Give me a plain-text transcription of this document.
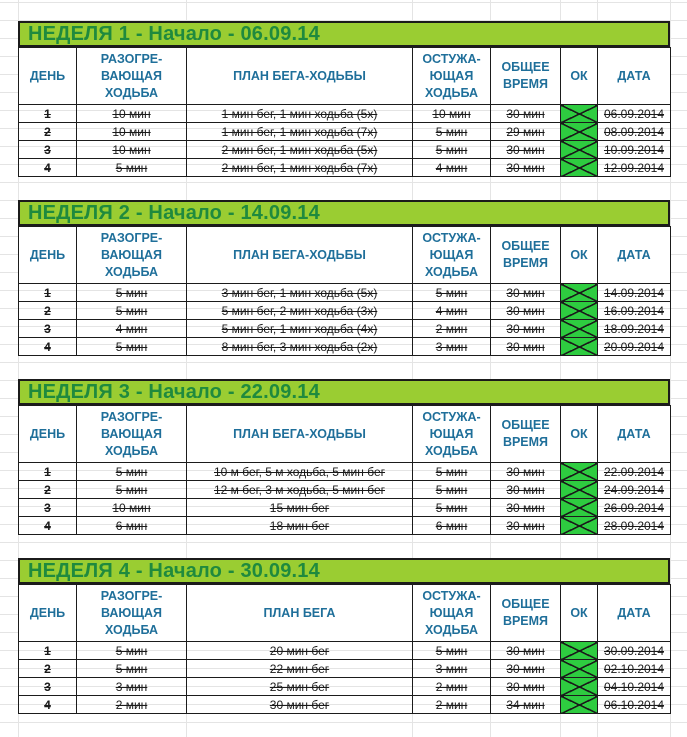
НЕДЕЛЯ 1 - Начало - 06.09.14
ДЕНЬ	РАЗОГРЕ-ВАЮЩАЯ ХОДЬБА	ПЛАН БЕГА-ХОДЬБЫ	ОСТУЖА-ЮЩАЯ ХОДЬБА	ОБЩЕЕ ВРЕМЯ	ОК	ДАТА
1	10 мин	1 мин бег, 1 мин ходьба (5х)	10 мин	30 мин		06.09.2014
2	10 мин	1 мин бег, 1 мин ходьба (7х)	5 мин	29 мин		08.09.2014
3	10 мин	2 мин бег, 1 мин ходьба (5х)	5 мин	30 мин		10.09.2014
4	5 мин	2 мин бег, 1 мин ходьба (7х)	4 мин	30 мин		12.09.2014
НЕДЕЛЯ 2 - Начало - 14.09.14
ДЕНЬ	РАЗОГРЕ-ВАЮЩАЯ ХОДЬБА	ПЛАН БЕГА-ХОДЬБЫ	ОСТУЖА-ЮЩАЯ ХОДЬБА	ОБЩЕЕ ВРЕМЯ	ОК	ДАТА
1	5 мин	3 мин бег, 1 мин ходьба (5х)	5 мин	30 мин		14.09.2014
2	5 мин	5 мин бег, 2 мин ходьба (3х)	4 мин	30 мин		16.09.2014
3	4 мин	5 мин бег, 1 мин ходьба (4х)	2 мин	30 мин		18.09.2014
4	5 мин	8 мин бег, 3 мин ходьба (2х)	3 мин	30 мин		20.09.2014
НЕДЕЛЯ 3 - Начало - 22.09.14
ДЕНЬ	РАЗОГРЕ-ВАЮЩАЯ ХОДЬБА	ПЛАН БЕГА-ХОДЬБЫ	ОСТУЖА-ЮЩАЯ ХОДЬБА	ОБЩЕЕ ВРЕМЯ	ОК	ДАТА
1	5 мин	10 м бег, 5 м ходьба, 5 мин бег	5 мин	30 мин		22.09.2014
2	5 мин	12 м бег, 3 м ходьба, 5 мин бег	5 мин	30 мин		24.09.2014
3	10 мин	15 мин бег	5 мин	30 мин		26.09.2014
4	6 мин	18 мин бег	6 мин	30 мин		28.09.2014
НЕДЕЛЯ 4 - Начало - 30.09.14
ДЕНЬ	РАЗОГРЕ-ВАЮЩАЯ ХОДЬБА	ПЛАН БЕГА	ОСТУЖА-ЮЩАЯ ХОДЬБА	ОБЩЕЕ ВРЕМЯ	ОК	ДАТА
1	5 мин	20 мин бег	5 мин	30 мин		30.09.2014
2	5 мин	22 мин бег	3 мин	30 мин		02.10.2014
3	3 мин	25 мин бег	2 мин	30 мин		04.10.2014
4	2 мин	30 мин бег	2 мин	34 мин		06.10.2014
